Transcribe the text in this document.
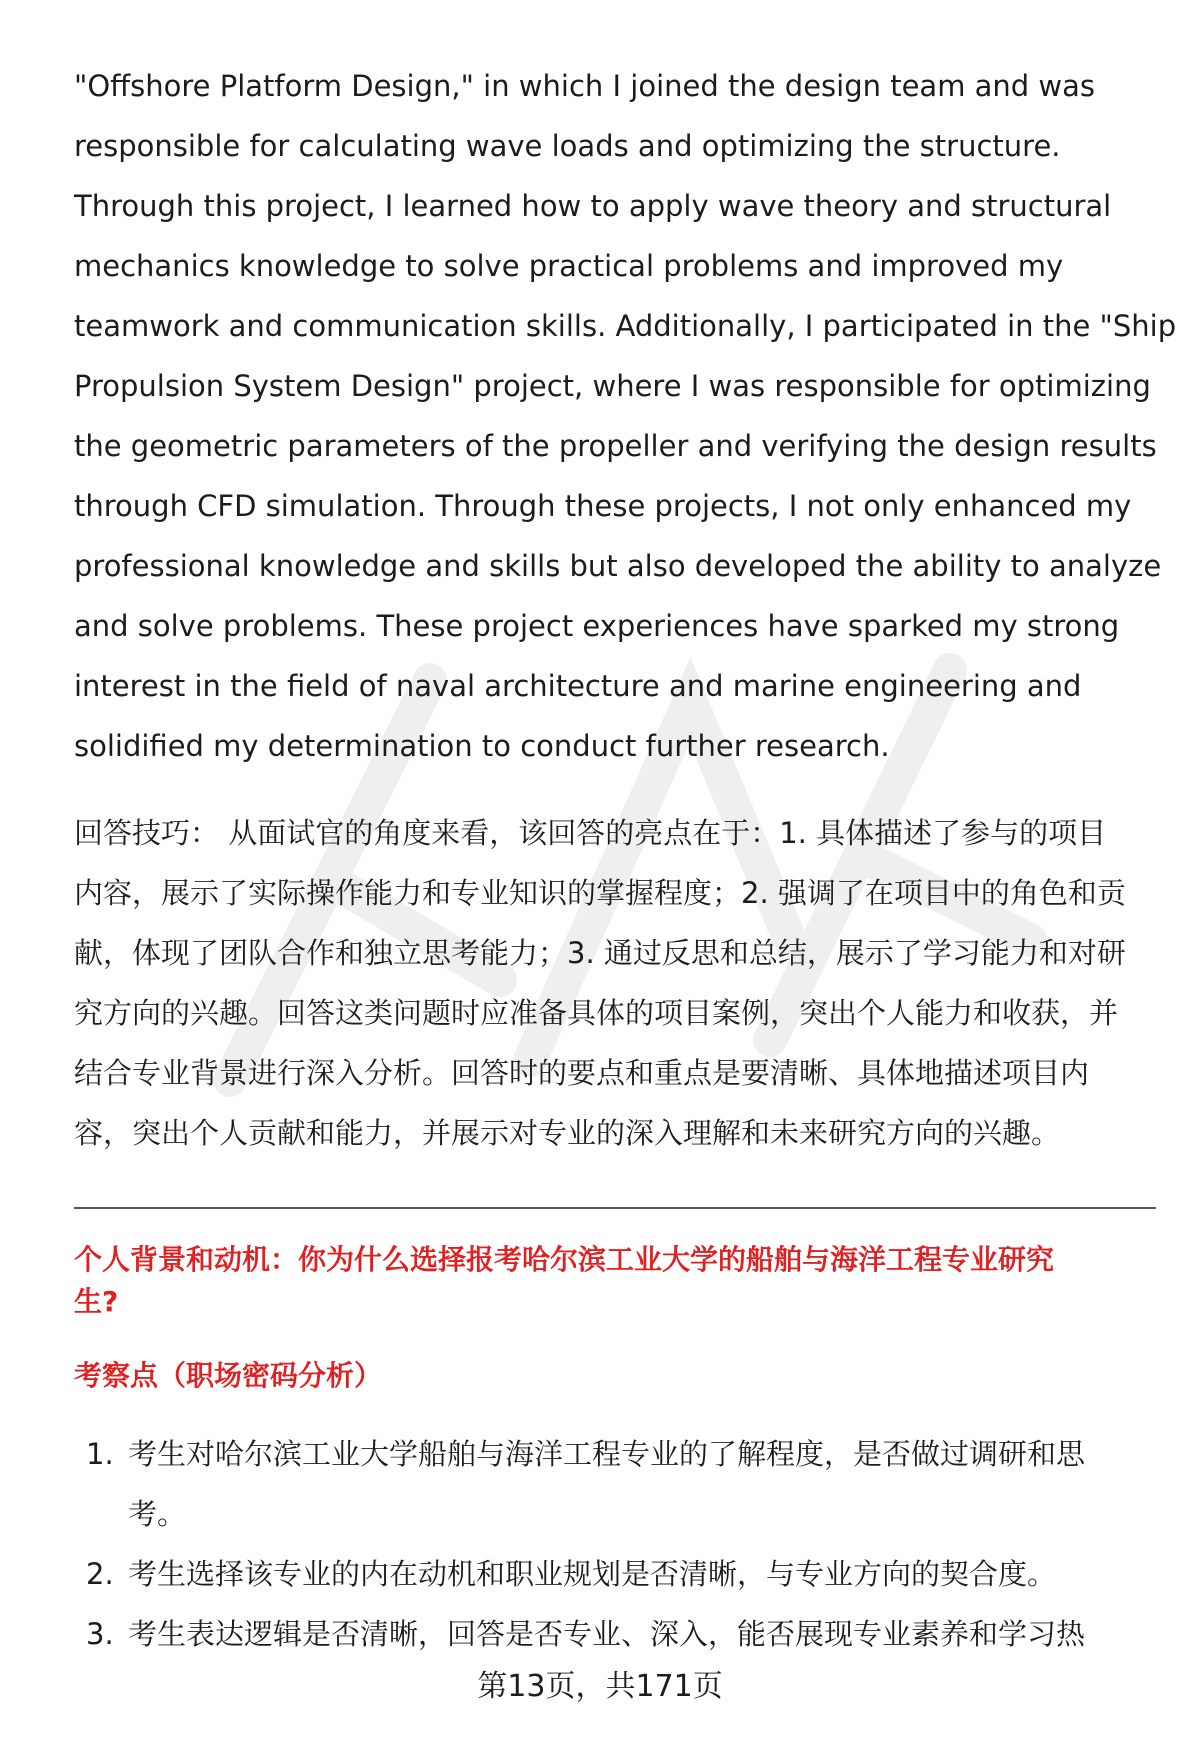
"Offshore Platform Design," in which I joined the design team and was
responsible for calculating wave loads and optimizing the structure.
Through this project, I learned how to apply wave theory and structural
mechanics knowledge to solve practical problems and improved my
teamwork and communication skills. Additionally, I participated in the "Ship
Propulsion System Design" project, where I was responsible for optimizing
the geometric parameters of the propeller and verifying the design results
through CFD simulation. Through these projects, I not only enhanced my
professional knowledge and skills but also developed the ability to analyze
and solve problems. These project experiences have sparked my strong
interest in the field of naval architecture and marine engineering and
solidified my determination to conduct further research.

回答技巧： 从面试官的角度来看，该回答的亮点在于：1. 具体描述了参与的项目
内容，展示了实际操作能力和专业知识的掌握程度；2. 强调了在项目中的角色和贡
献，体现了团队合作和独立思考能力；3. 通过反思和总结，展示了学习能力和对研
究方向的兴趣。回答这类问题时应准备具体的项目案例，突出个人能力和收获，并
结合专业背景进行深入分析。回答时的要点和重点是要清晰、具体地描述项目内
容，突出个人贡献和能力，并展示对专业的深入理解和未来研究方向的兴趣。

个人背景和动机：你为什么选择报考哈尔滨工业大学的船舶与海洋工程专业研究
生?
考察点（职场密码分析）
1. 考生对哈尔滨工业大学船舶与海洋工程专业的了解程度，是否做过调研和思
考。
2. 考生选择该专业的内在动机和职业规划是否清晰，与专业方向的契合度。
3. 考生表达逻辑是否清晰，回答是否专业、深入，能否展现专业素养和学习热
第13页，共171页
